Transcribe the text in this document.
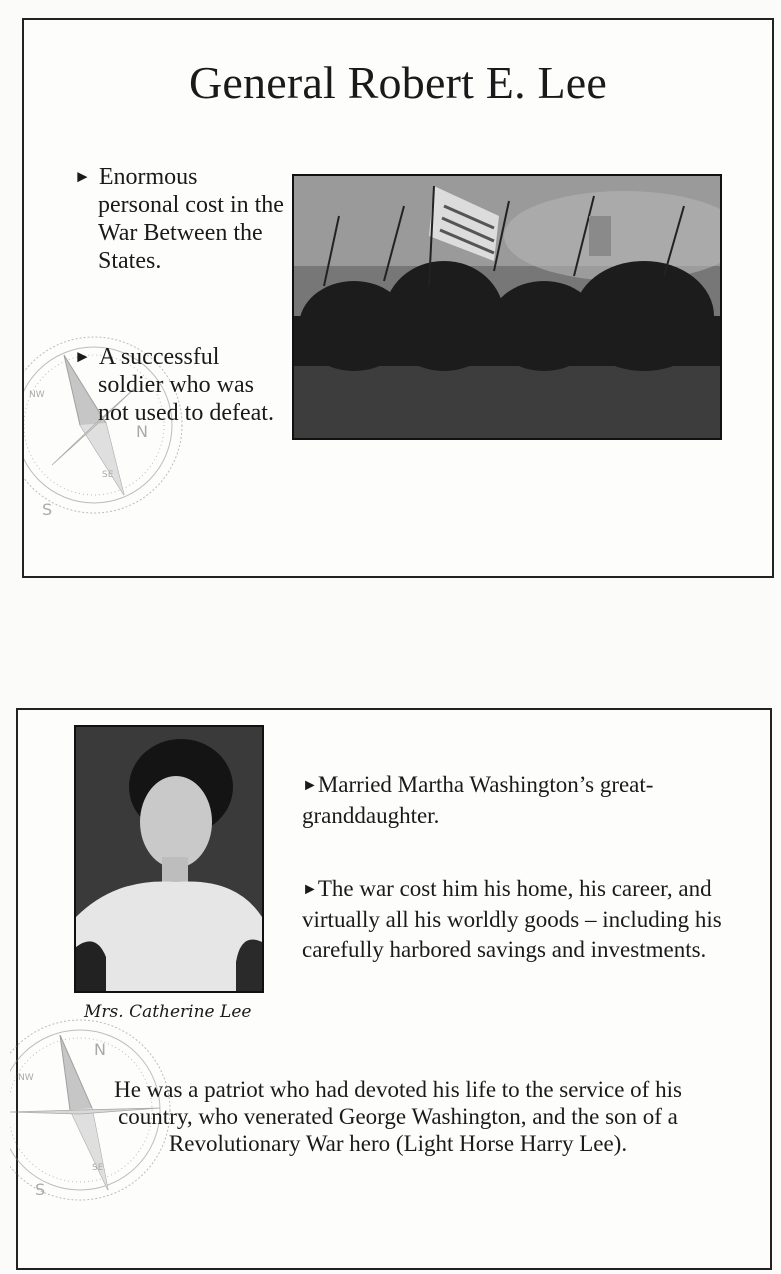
General Robert E. Lee
S
N
NW
SE
► Enormous personal cost in the War Between the States.
► A successful soldier who was not used to defeat.
Mrs. Catherine Lee
►Married Martha Washington’s great-granddaughter.
►The war cost him his home, his career, and virtually all his worldly goods – including his carefully harbored savings and investments.
S
N
NW
SE
He was a patriot who had devoted his life to the service of his country, who venerated George Washington, and the son of a Revolutionary War hero (Light Horse Harry Lee).
